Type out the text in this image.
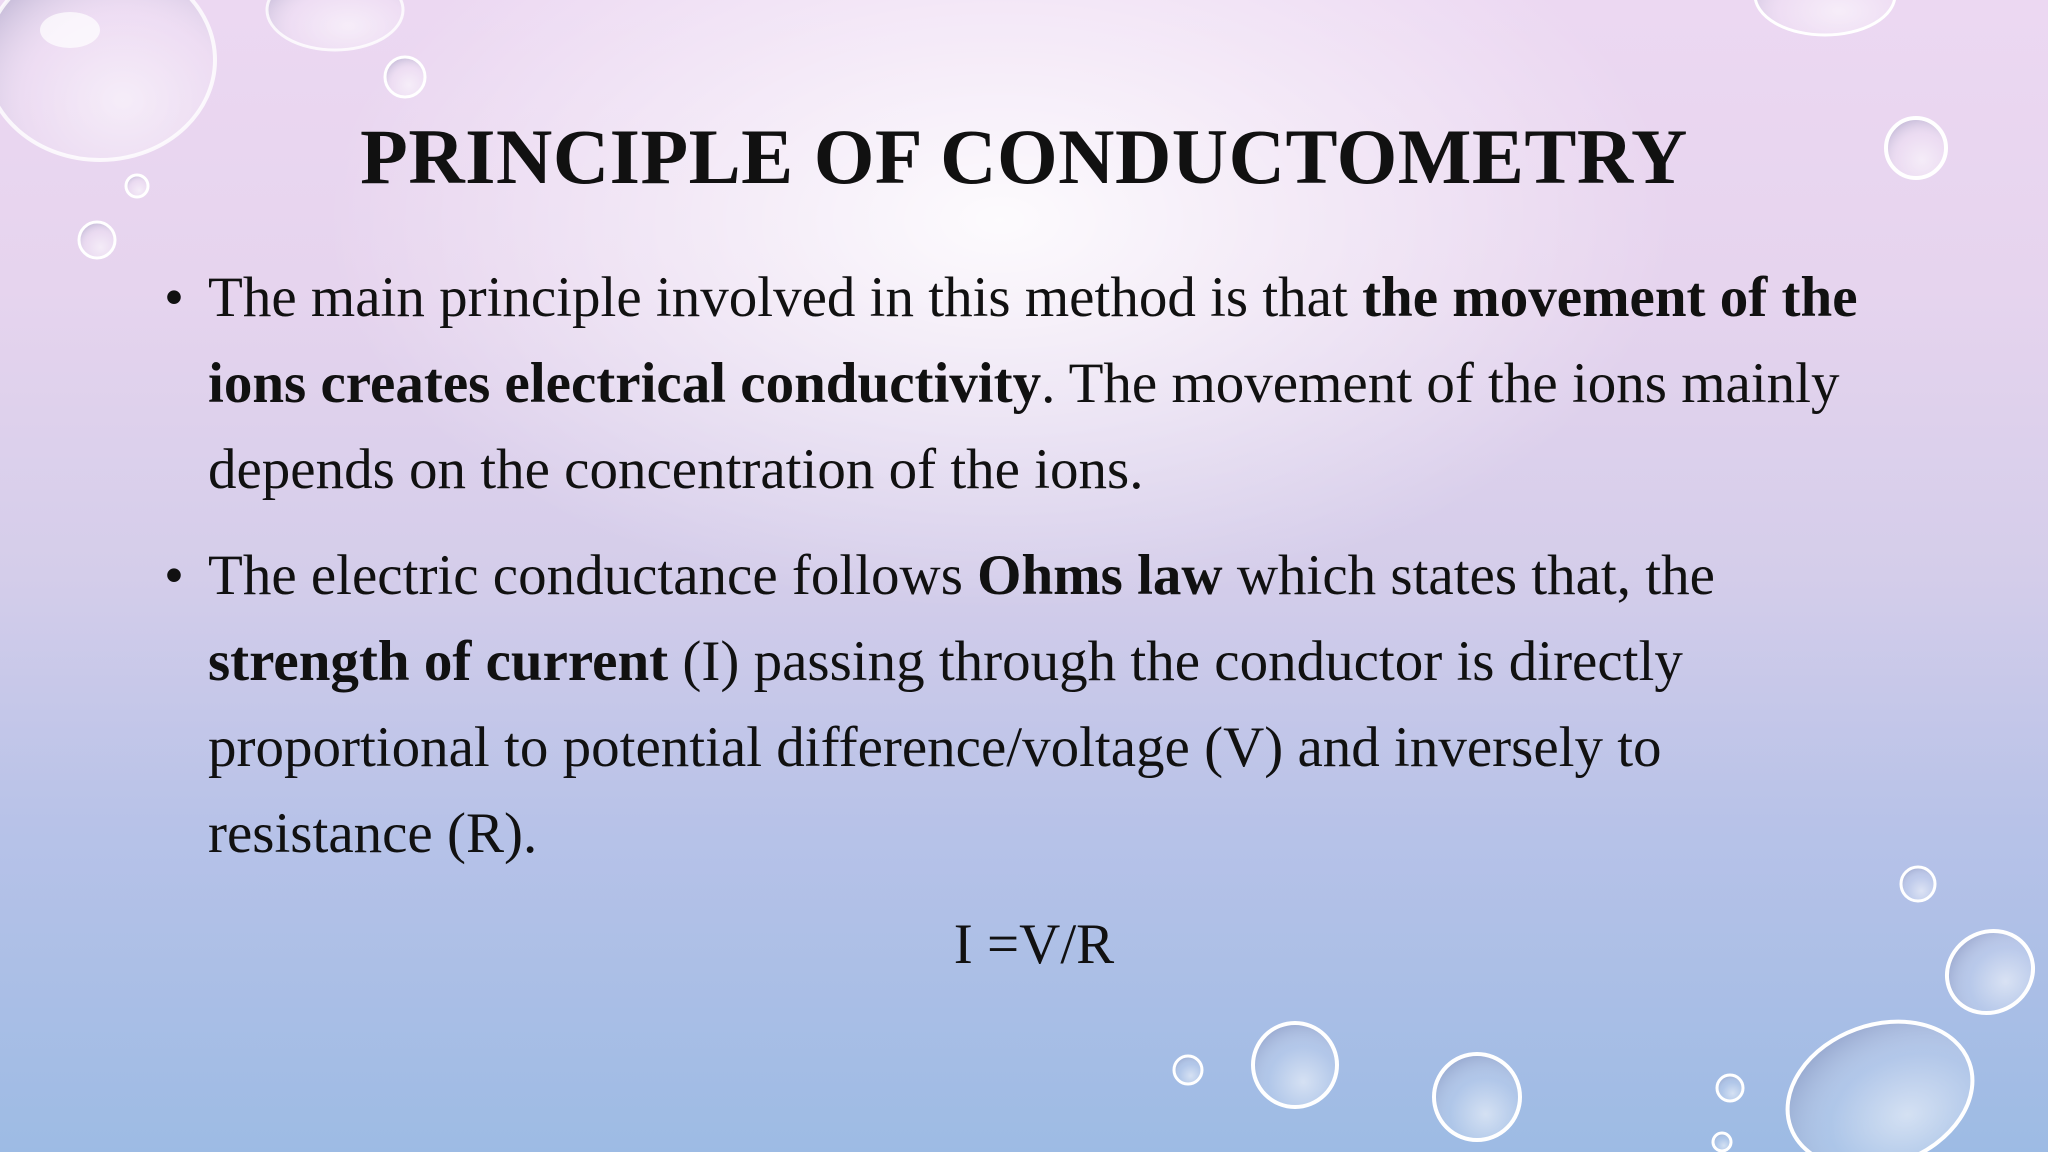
PRINCIPLE OF CONDUCTOMETRY
• The main principle involved in this method is that the movement of the ions creates electrical conductivity. The movement of the ions mainly depends on the concentration of the ions.
• The electric conductance follows Ohms law which states that, the strength of current (I) passing through the conductor is directly proportional to potential difference/voltage (V) and inversely to resistance (R).
I =V/R
